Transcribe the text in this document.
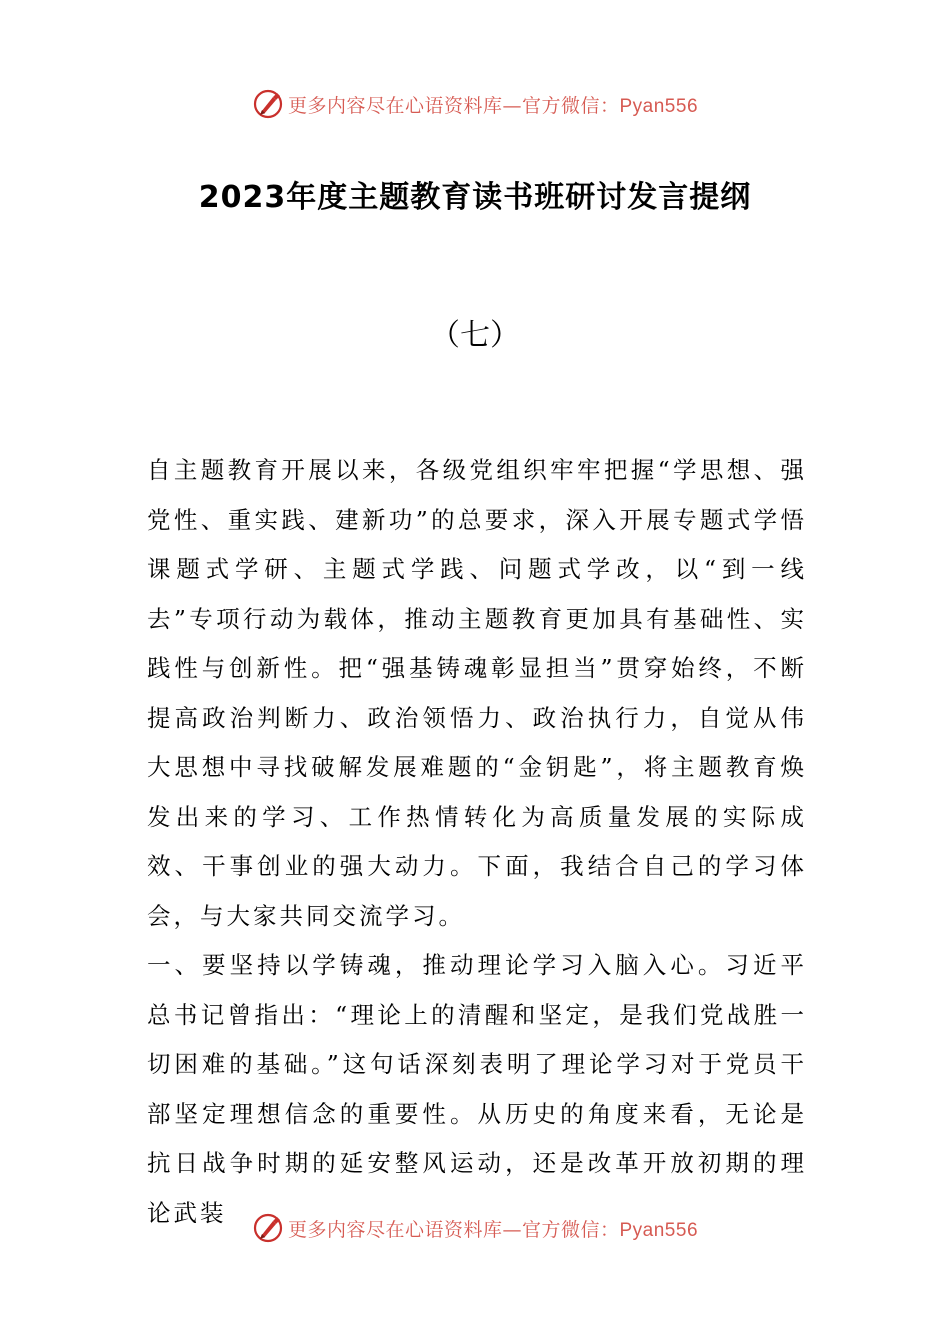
更多内容尽在心语资料库—官方微信：Pyan556
2023年度主题教育读书班研讨发言提纲
（七）

自主题教育开展以来，各级党组织牢牢把握“学思想、强党性、重实践、建新功”的总要求，深入开展专题式学悟课题式学研、主题式学践、问题式学改，以“到一线去”专项行动为载体，推动主题教育更加具有基础性、实践性与创新性。把“强基铸魂彰显担当”贯穿始终，不断提高政治判断力、政治领悟力、政治执行力，自觉从伟大思想中寻找破解发展难题的“金钥匙”，将主题教育焕发出来的学习、工作热情转化为高质量发展的实际成效、干事创业的强大动力。下面，我结合自己的学习体会，与大家共同交流学习。

一、要坚持以学铸魂，推动理论学习入脑入心。习近平总书记曾指出：“理论上的清醒和坚定，是我们党战胜一切困难的基础。”这句话深刻表明了理论学习对于党员干部坚定理想信念的重要性。从历史的角度来看，无论是抗日战争时期的延安整风运动，还是改革开放初期的理论武装

更多内容尽在心语资料库—官方微信：Pyan556
